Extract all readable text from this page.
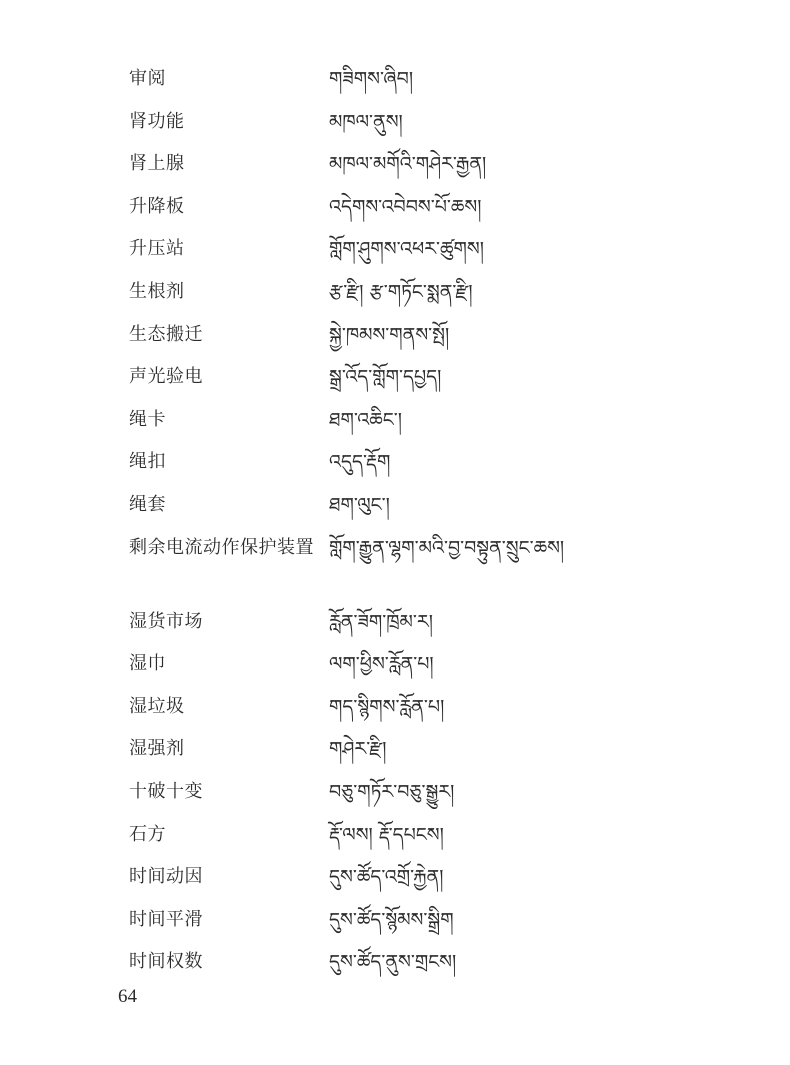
审阅	གཟིགས་ཞིབ།
肾功能	མཁལ་ནུས།
肾上腺	མཁལ་མགོའི་གཤེར་རྒྱན།
升降板	འདེགས་འབེབས་པོ་ཆས།
升压站	གློག་ཤུགས་འཕར་ཚུགས།
生根剂	རྩ་རྫི། རྩ་གཏོང་སྨན་རྫི།
生态搬迁	སྐྱེ་ཁམས་གནས་སྤོ།
声光验电	སྒྲ་འོད་གློག་དཔྱད།
绳卡	ཐག་འཆིང་།
绳扣	འདུད་རྡོག
绳套	ཐག་ལུང་།
剩余电流动作保护装置 གློག་རྒྱུན་ལྷག་མའི་བྱ་བསྟུན་སྲུང་ཆས།
湿货市场	རློན་ཟོག་ཁྲོམ་ར།
湿巾	ལག་ཕྱིས་རློན་པ།
湿垃圾	གད་སྙིགས་རློན་པ།
湿强剂	གཤེར་རྫི།
十破十变	བཅུ་གཏོར་བཅུ་སྒྱུར།
石方	རྡོ་ལས། རྡོ་དཔངས།
时间动因	དུས་ཚོད་འགྲོ་རྐྱེན།
时间平滑	དུས་ཚོད་སྙོམས་སྒྲིག
时间权数	དུས་ཚོད་ནུས་གྲངས།
64
